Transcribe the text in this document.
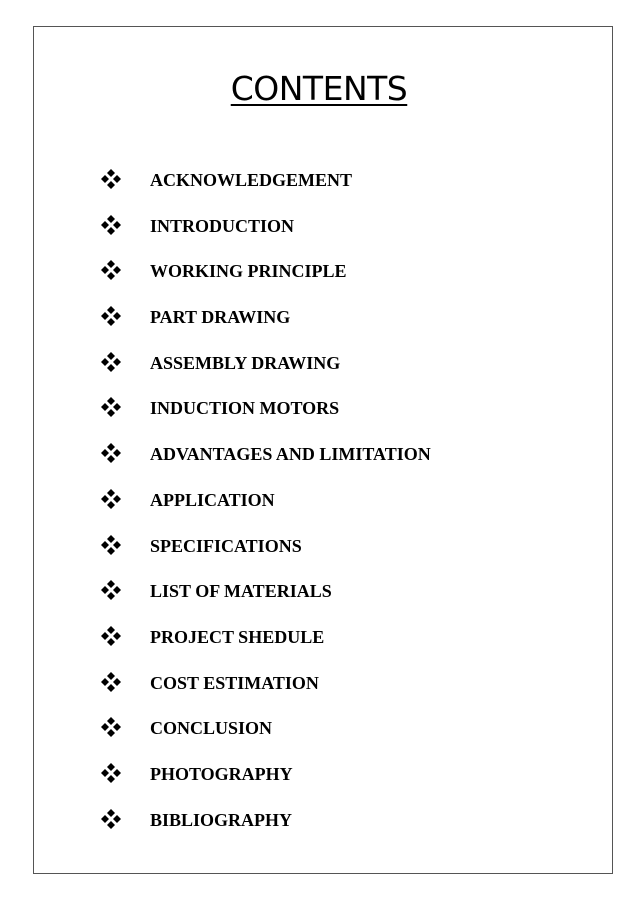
CONTENTS
ACKNOWLEDGEMENT
INTRODUCTION
WORKING PRINCIPLE
PART DRAWING
ASSEMBLY DRAWING
INDUCTION MOTORS
ADVANTAGES AND LIMITATION
APPLICATION
SPECIFICATIONS
LIST OF MATERIALS
PROJECT SHEDULE
COST ESTIMATION
CONCLUSION
PHOTOGRAPHY
BIBLIOGRAPHY
